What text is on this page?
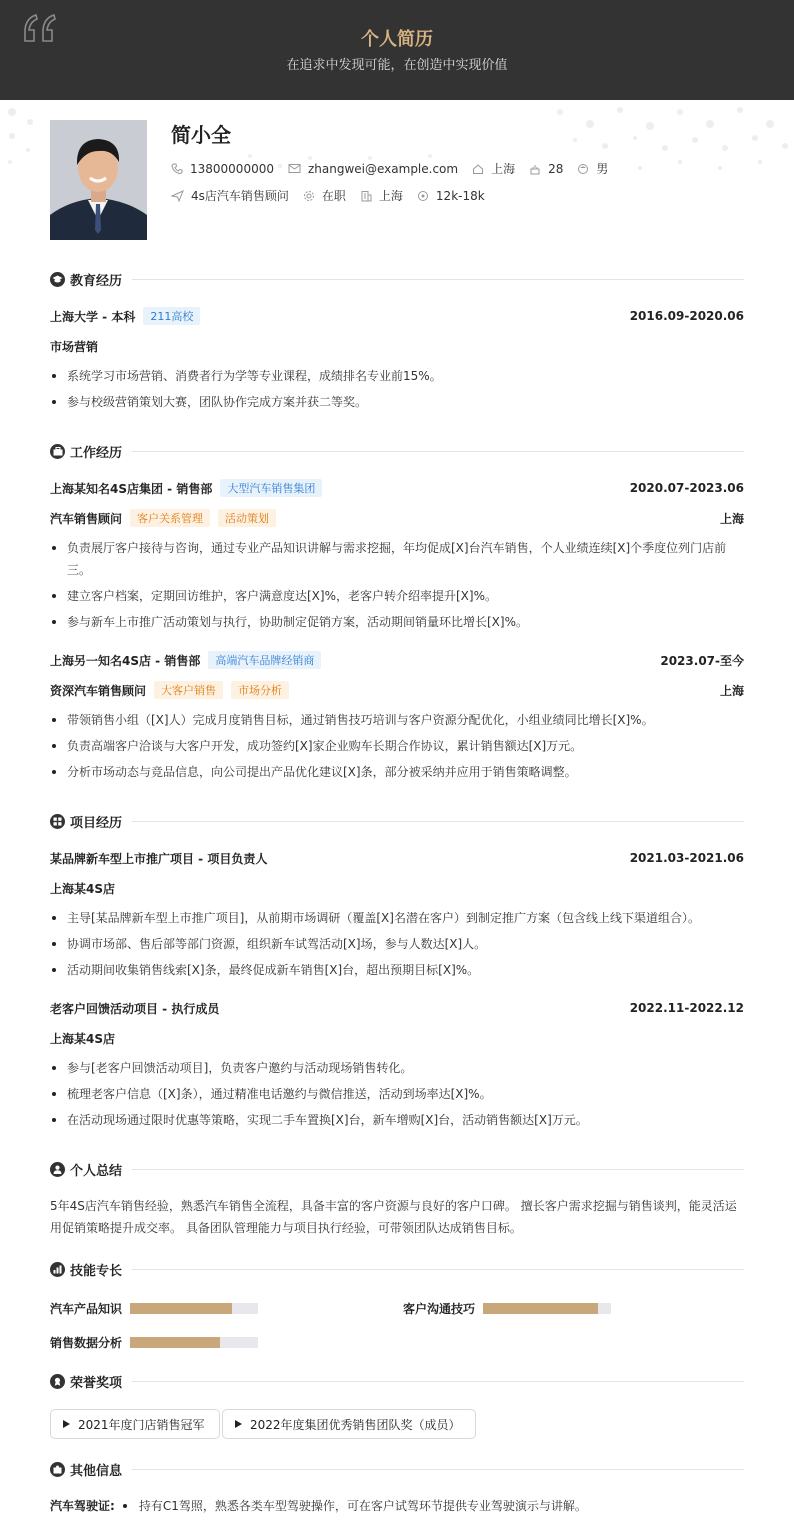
个人简历
在追求中发现可能，在创造中实现价值
简小全
13800000000	zhangwei@example.com	上海	28	男
4s店汽车销售顾问	在职	上海	12k-18k
教育经历
上海大学 - 本科	211高校	2016.09-2020.06
市场营销
系统学习市场营销、消费者行为学等专业课程，成绩排名专业前15%。
参与校级营销策划大赛，团队协作完成方案并获二等奖。
工作经历
上海某知名4S店集团 - 销售部	大型汽车销售集团	2020.07-2023.06
汽车销售顾问	客户关系管理	活动策划	上海
负责展厅客户接待与咨询，通过专业产品知识讲解与需求挖掘，年均促成[X]台汽车销售，个人业绩连续[X]个季度位列门店前三。
建立客户档案，定期回访维护，客户满意度达[X]%，老客户转介绍率提升[X]%。
参与新车上市推广活动策划与执行，协助制定促销方案，活动期间销量环比增长[X]%。
上海另一知名4S店 - 销售部	高端汽车品牌经销商	2023.07-至今
资深汽车销售顾问	大客户销售	市场分析	上海
带领销售小组（[X]人）完成月度销售目标，通过销售技巧培训与客户资源分配优化，小组业绩同比增长[X]%。
负责高端客户洽谈与大客户开发，成功签约[X]家企业购车长期合作协议，累计销售额达[X]万元。
分析市场动态与竞品信息，向公司提出产品优化建议[X]条，部分被采纳并应用于销售策略调整。
项目经历
某品牌新车型上市推广项目 - 项目负责人	2021.03-2021.06
上海某4S店
主导[某品牌新车型上市推广项目]，从前期市场调研（覆盖[X]名潜在客户）到制定推广方案（包含线上线下渠道组合）。
协调市场部、售后部等部门资源，组织新车试驾活动[X]场，参与人数达[X]人。
活动期间收集销售线索[X]条，最终促成新车销售[X]台，超出预期目标[X]%。
老客户回馈活动项目 - 执行成员	2022.11-2022.12
上海某4S店
参与[老客户回馈活动项目]，负责客户邀约与活动现场销售转化。
梳理老客户信息（[X]条），通过精准电话邀约与微信推送，活动到场率达[X]%。
在活动现场通过限时优惠等策略，实现二手车置换[X]台，新车增购[X]台，活动销售额达[X]万元。
个人总结
5年4S店汽车销售经验，熟悉汽车销售全流程，具备丰富的客户资源与良好的客户口碑。 擅长客户需求挖掘与销售谈判，能灵活运用促销策略提升成交率。 具备团队管理能力与项目执行经验，可带领团队达成销售目标。
技能专长
汽车产品知识	客户沟通技巧
销售数据分析
荣誉奖项
2021年度门店销售冠军	2022年度集团优秀销售团队奖（成员）
其他信息
汽车驾驶证: 持有C1驾照，熟悉各类车型驾驶操作，可在客户试驾环节提供专业驾驶演示与讲解。
